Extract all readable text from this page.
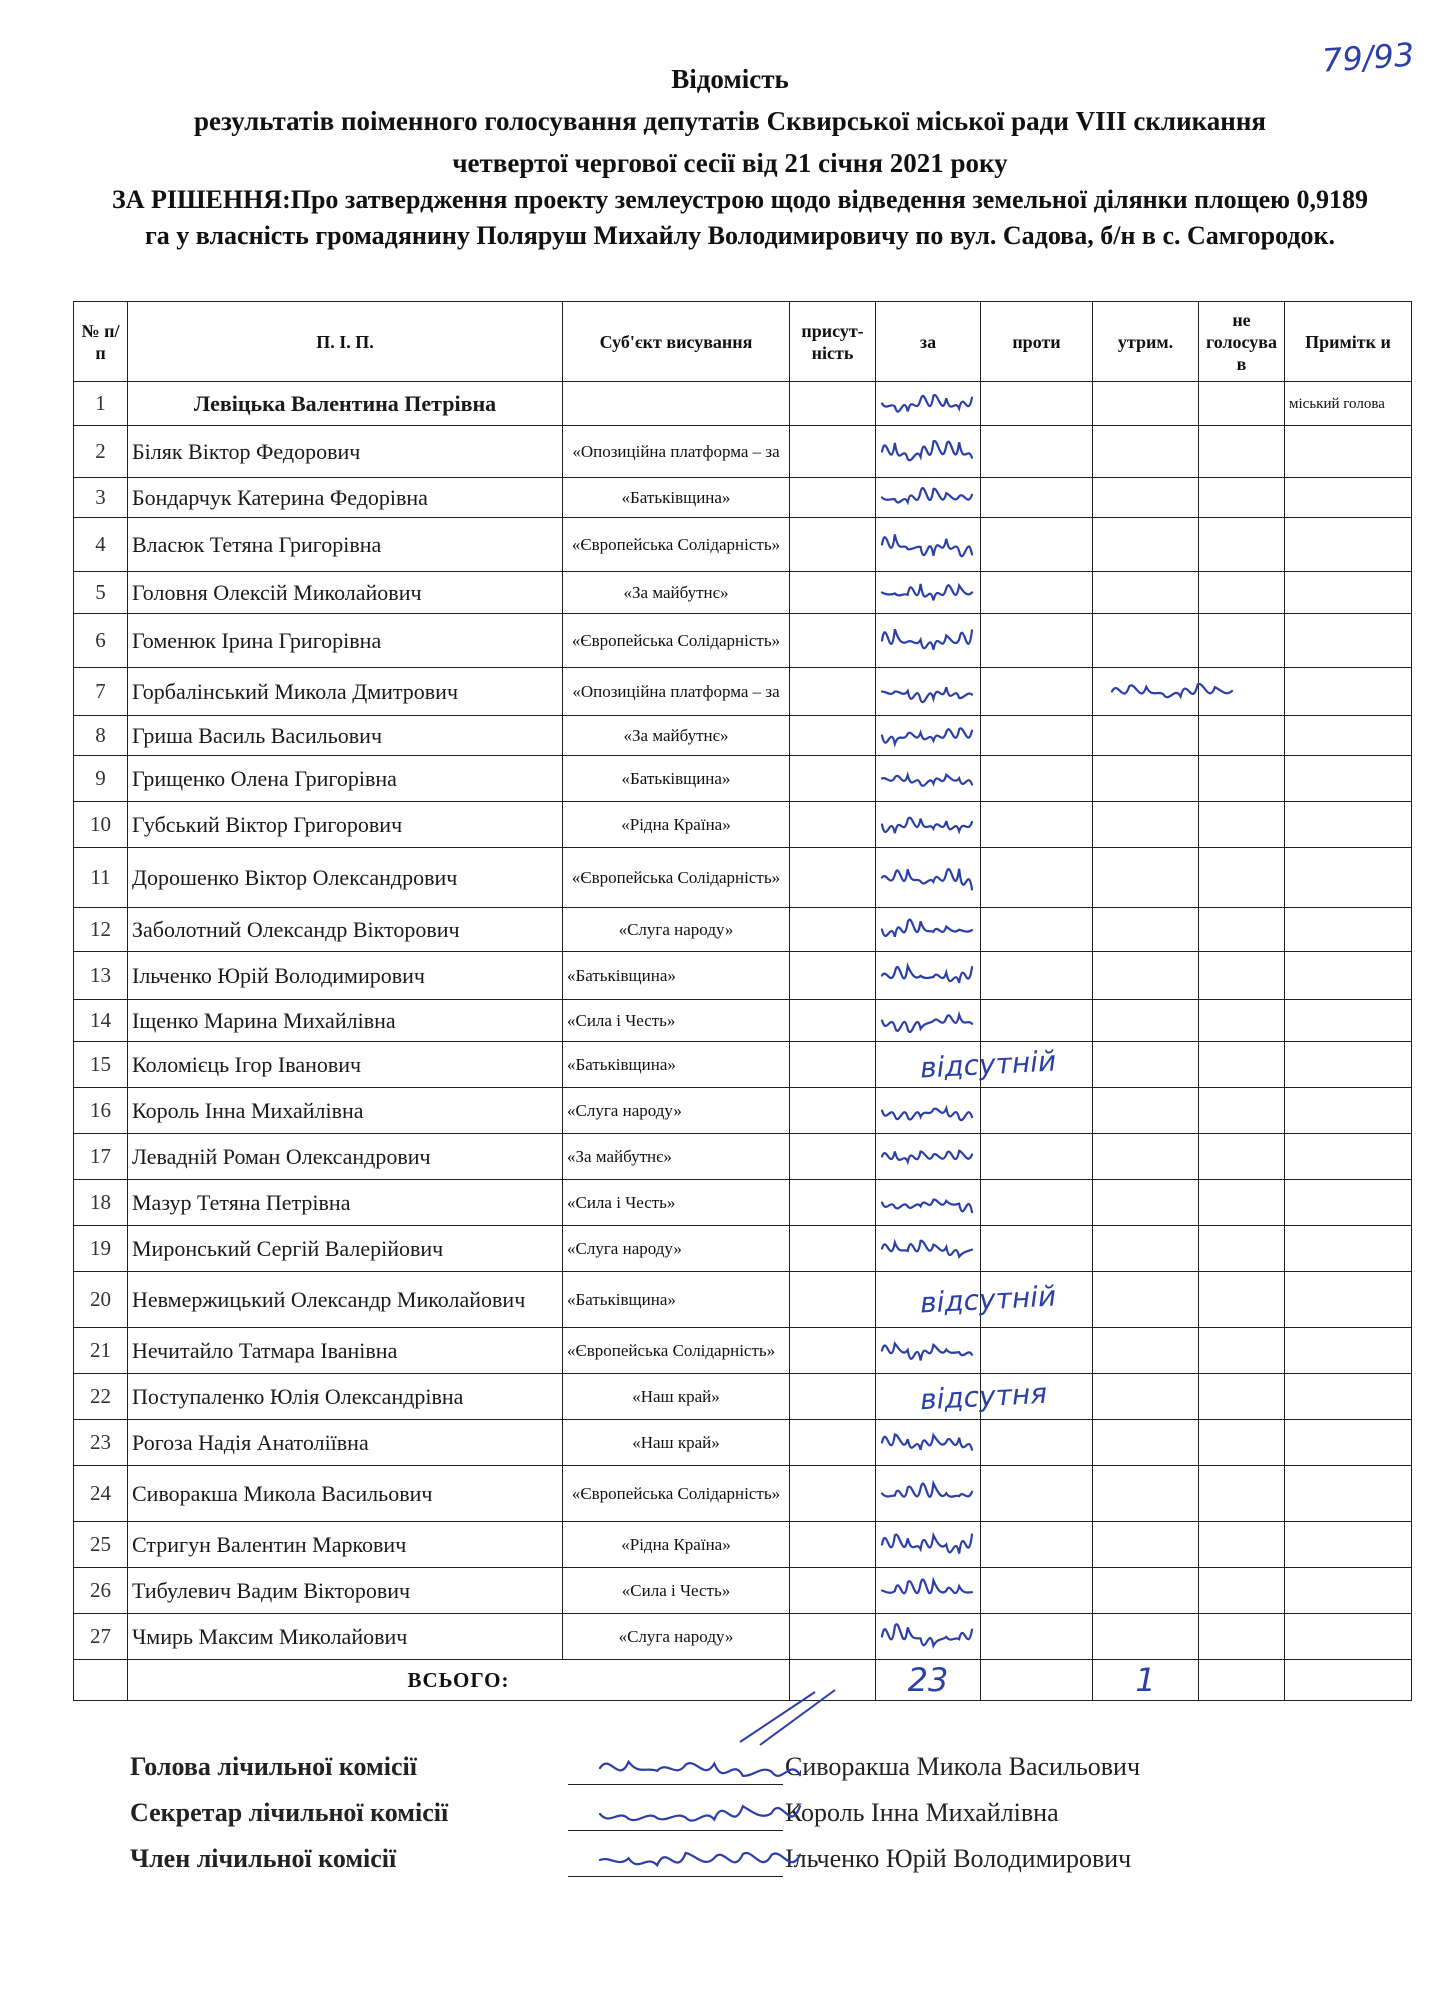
79/93
Відомість
результатів поіменного голосування депутатів Сквирської міської ради VIII скликання
четвертої чергової сесії від 21 січня 2021 року
ЗА РІШЕННЯ:Про затвердження проекту землеустрою щодо відведення земельної ділянки площею 0,9189 га у власність громадянину Поляруш Михайлу Володимировичу по вул. Садова, б/н в с. Самгородок.
№ п/п	П. І. П.	Суб'єкт висування	присут-ність	за	проти	утрим.	не голосува в	Примітк и
1	Левіцька Валентина Петрівна							міський голова
2	Біляк Віктор Федорович	«Опозиційна платформа – за						
3	Бондарчук Катерина Федорівна	«Батьківщина»						
4	Власюк Тетяна Григорівна	«Європейська Солідарність»						
5	Головня Олексій Миколайович	«За майбутнє»						
6	Гоменюк Ірина Григорівна	«Європейська Солідарність»						
7	Горбалінський Микола Дмитрович	«Опозиційна платформа – за						
8	Гриша Василь Васильович	«За майбутнє»						
9	Грищенко Олена Григорівна	«Батьківщина»						
10	Губський Віктор Григорович	«Рідна Країна»						
11	Дорошенко Віктор Олександрович	«Європейська Солідарність»						
12	Заболотний Олександр Вікторович	«Слуга народу»						
13	Ільченко Юрій Володимирович	«Батьківщина»						
14	Іщенко Марина Михайлівна	«Сила і Честь»						
15	Коломієць Ігор Іванович	«Батьківщина»		відсутній				
16	Король Інна Михайлівна	«Слуга народу»						
17	Левадній Роман Олександрович	«За майбутнє»						
18	Мазур Тетяна Петрівна	«Сила і Честь»						
19	Миронський Сергій Валерійович	«Слуга народу»						
20	Невмержицький Олександр Миколайович	«Батьківщина»		відсутній				
21	Нечитайло Татмара Іванівна	«Європейська Солідарність»						
22	Поступаленко Юлія Олександрівна	«Наш край»		відсутня				
23	Рогоза Надія Анатоліївна	«Наш край»						
24	Сиворакша Микола Васильович	«Європейська Солідарність»						
25	Стригун Валентин Маркович	«Рідна Країна»						
26	Тибулевич Вадим Вікторович	«Сила і Честь»						
27	Чмирь Максим Миколайович	«Слуга народу»						
	ВСЬОГО:			23		1		
Голова лічильної комісії	Сиворакша Микола Васильович
Секретар лічильної комісії	Король Інна Михайлівна
Член лічильної комісії	Ільченко Юрій Володимирович
